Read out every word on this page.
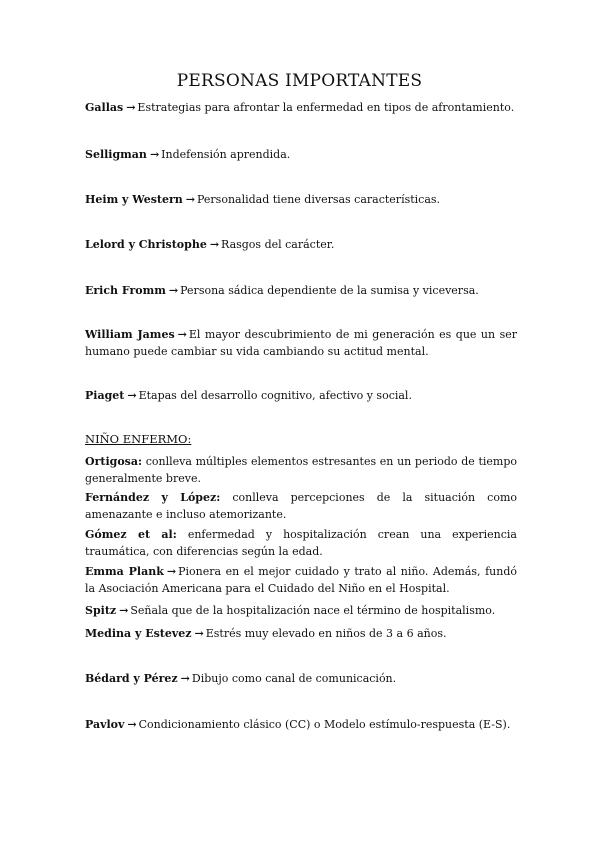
PERSONAS IMPORTANTES
Gallas → Estrategias para afrontar la enfermedad en tipos de afrontamiento.
Selligman → Indefensión aprendida.
Heim y Western → Personalidad tiene diversas características.
Lelord y Christophe → Rasgos del carácter.
Erich Fromm → Persona sádica dependiente de la sumisa y viceversa.
William James → El mayor descubrimiento de mi generación es que un ser humano puede cambiar su vida cambiando su actitud mental.
Piaget → Etapas del desarrollo cognitivo, afectivo y social.
NIÑO ENFERMO:
Ortigosa: conlleva múltiples elementos estresantes en un periodo de tiempo generalmente breve.
Fernández y López: conlleva percepciones de la situación como amenazante e incluso atemorizante.
Gómez et al: enfermedad y hospitalización crean una experiencia traumática, con diferencias según la edad.
Emma Plank → Pionera en el mejor cuidado y trato al niño. Además, fundó la Asociación Americana para el Cuidado del Niño en el Hospital.
Spitz → Señala que de la hospitalización nace el término de hospitalismo.
Medina y Estevez → Estrés muy elevado en niños de 3 a 6 años.
Bédard y Pérez → Dibujo como canal de comunicación.
Pavlov → Condicionamiento clásico (CC) o Modelo estímulo-respuesta (E-S).
